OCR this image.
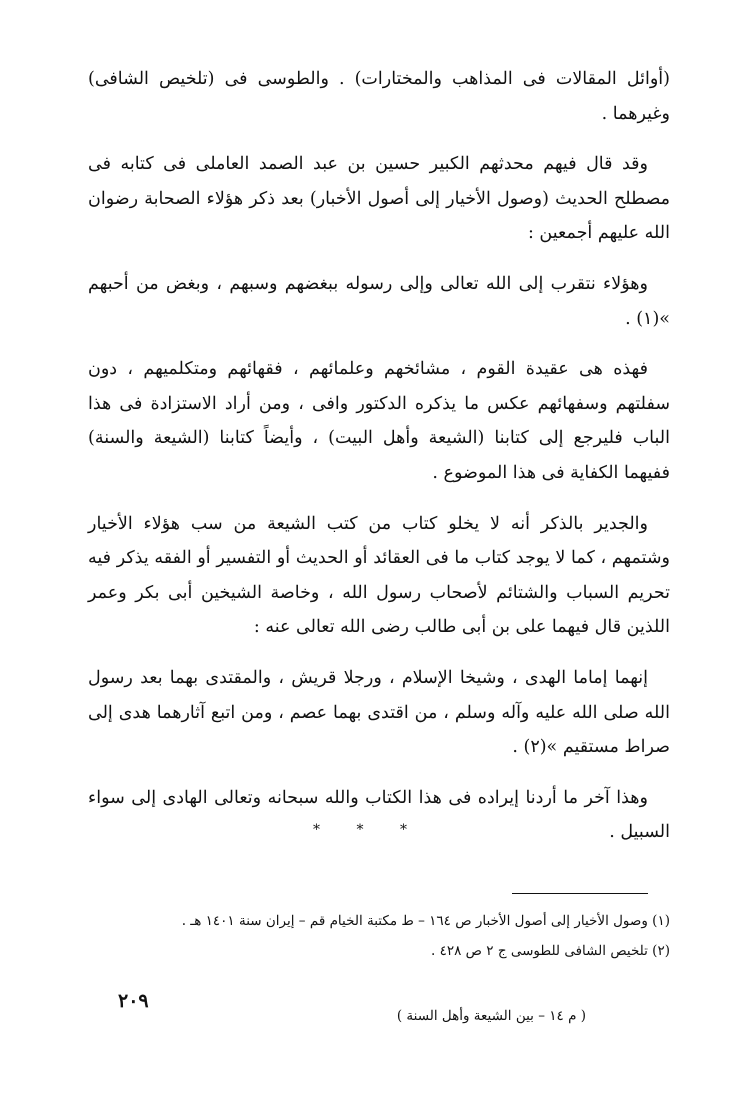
(أوائل المقالات فى المذاهب والمختارات) . والطوسى فى (تلخيص الشافى) وغيرهما .

وقد قال فيهم محدثهم الكبير حسين بن عبد الصمد العاملى فى كتابه فى مصطلح الحديث (وصول الأخيار إلى أصول الأخبار) بعد ذكر هؤلاء الصحابة رضوان الله عليهم أجمعين :

وهؤلاء نتقرب إلى الله تعالى وإلى رسوله ببغضهم وسبهم ، وبغض من أحبهم »(١) .

فهذه هى عقيدة القوم ، مشائخهم وعلمائهم ، فقهائهم ومتكلميهم ، دون سفلتهم وسفهائهم عكس ما يذكره الدكتور وافى ، ومن أراد الاستزادة فى هذا الباب فليرجع إلى كتابنا (الشيعة وأهل البيت) ، وأيضاً كتابنا (الشيعة والسنة) ففيهما الكفاية فى هذا الموضوع .

والجدير بالذكر أنه لا يخلو كتاب من كتب الشيعة من سب هؤلاء الأخيار وشتمهم ، كما لا يوجد كتاب ما فى العقائد أو الحديث أو التفسير أو الفقه يذكر فيه تحريم السباب والشتائم لأصحاب رسول الله ، وخاصة الشيخين أبى بكر وعمر اللذين قال فيهما على بن أبى طالب رضى الله تعالى عنه :

إنهما إماما الهدى ، وشيخا الإسلام ، ورجلا قريش ، والمقتدى بهما بعد رسول الله صلى الله عليه وآله وسلم ، من اقتدى بهما عصم ، ومن اتبع آثارهما هدى إلى صراط مستقيم »(٢) .

وهذا آخر ما أردنا إيراده فى هذا الكتاب والله سبحانه وتعالى الهادى إلى سواء السبيل .

* * *

(١) وصول الأخيار إلى أصول الأخبار ص ١٦٤ – ط مكتبة الخيام قم – إيران سنة ١٤٠١ هـ .

(٢) تلخيص الشافى للطوسى ج ٢ ص ٤٢٨ .

٢٠٩
( م ١٤ – بين الشيعة وأهل السنة )
